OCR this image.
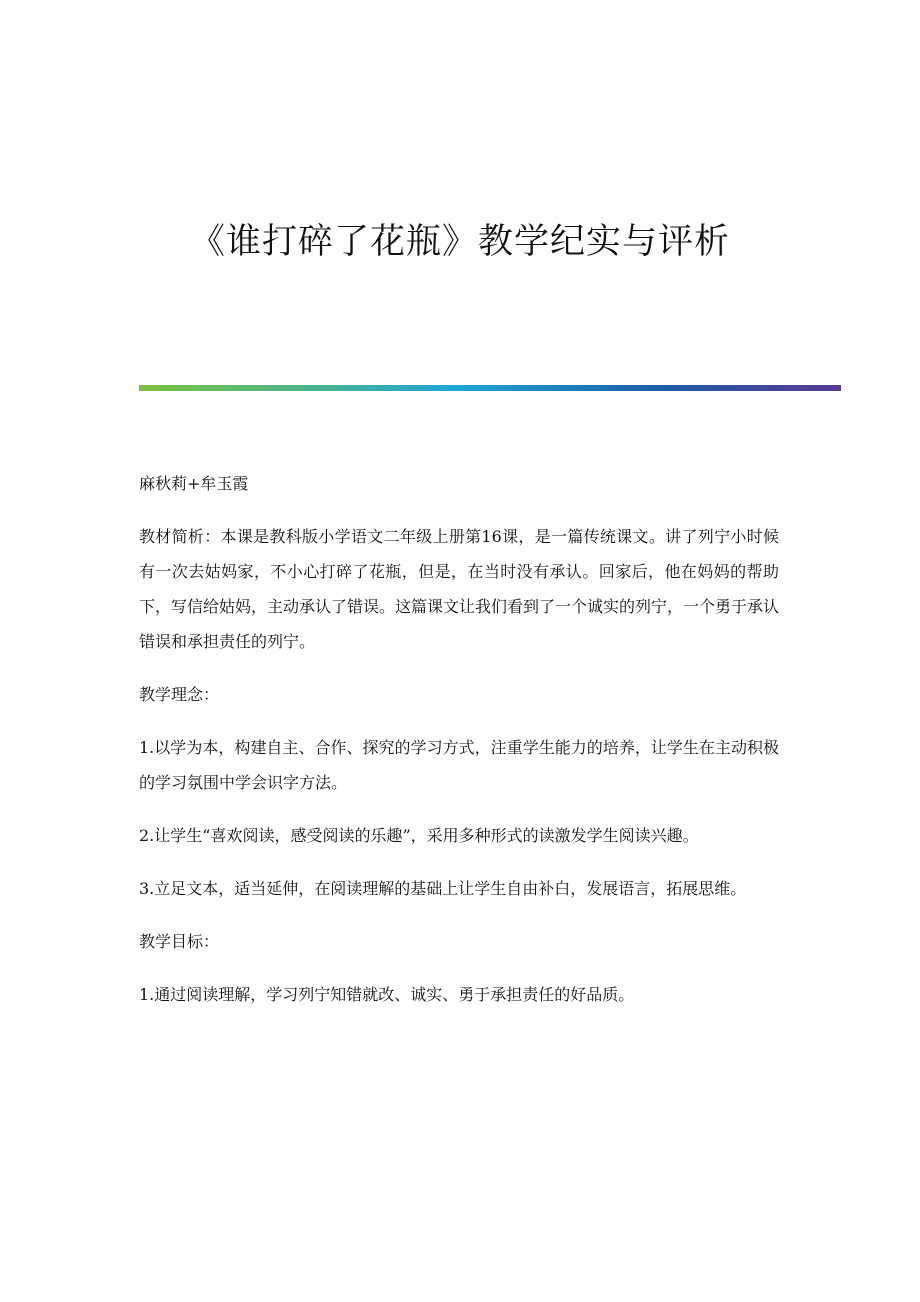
《谁打碎了花瓶》教学纪实与评析

麻秋莉+牟玉霞

教材简析：本课是教科版小学语文二年级上册第16课，是一篇传统课文。讲了列宁小时候有一次去姑妈家，不小心打碎了花瓶，但是，在当时没有承认。回家后，他在妈妈的帮助下，写信给姑妈，主动承认了错误。这篇课文让我们看到了一个诚实的列宁，一个勇于承认错误和承担责任的列宁。

教学理念：

1.以学为本，构建自主、合作、探究的学习方式，注重学生能力的培养，让学生在主动积极的学习氛围中学会识字方法。

2.让学生“喜欢阅读，感受阅读的乐趣”，采用多种形式的读激发学生阅读兴趣。

3.立足文本，适当延伸，在阅读理解的基础上让学生自由补白，发展语言，拓展思维。

教学目标：

1.通过阅读理解，学习列宁知错就改、诚实、勇于承担责任的好品质。
